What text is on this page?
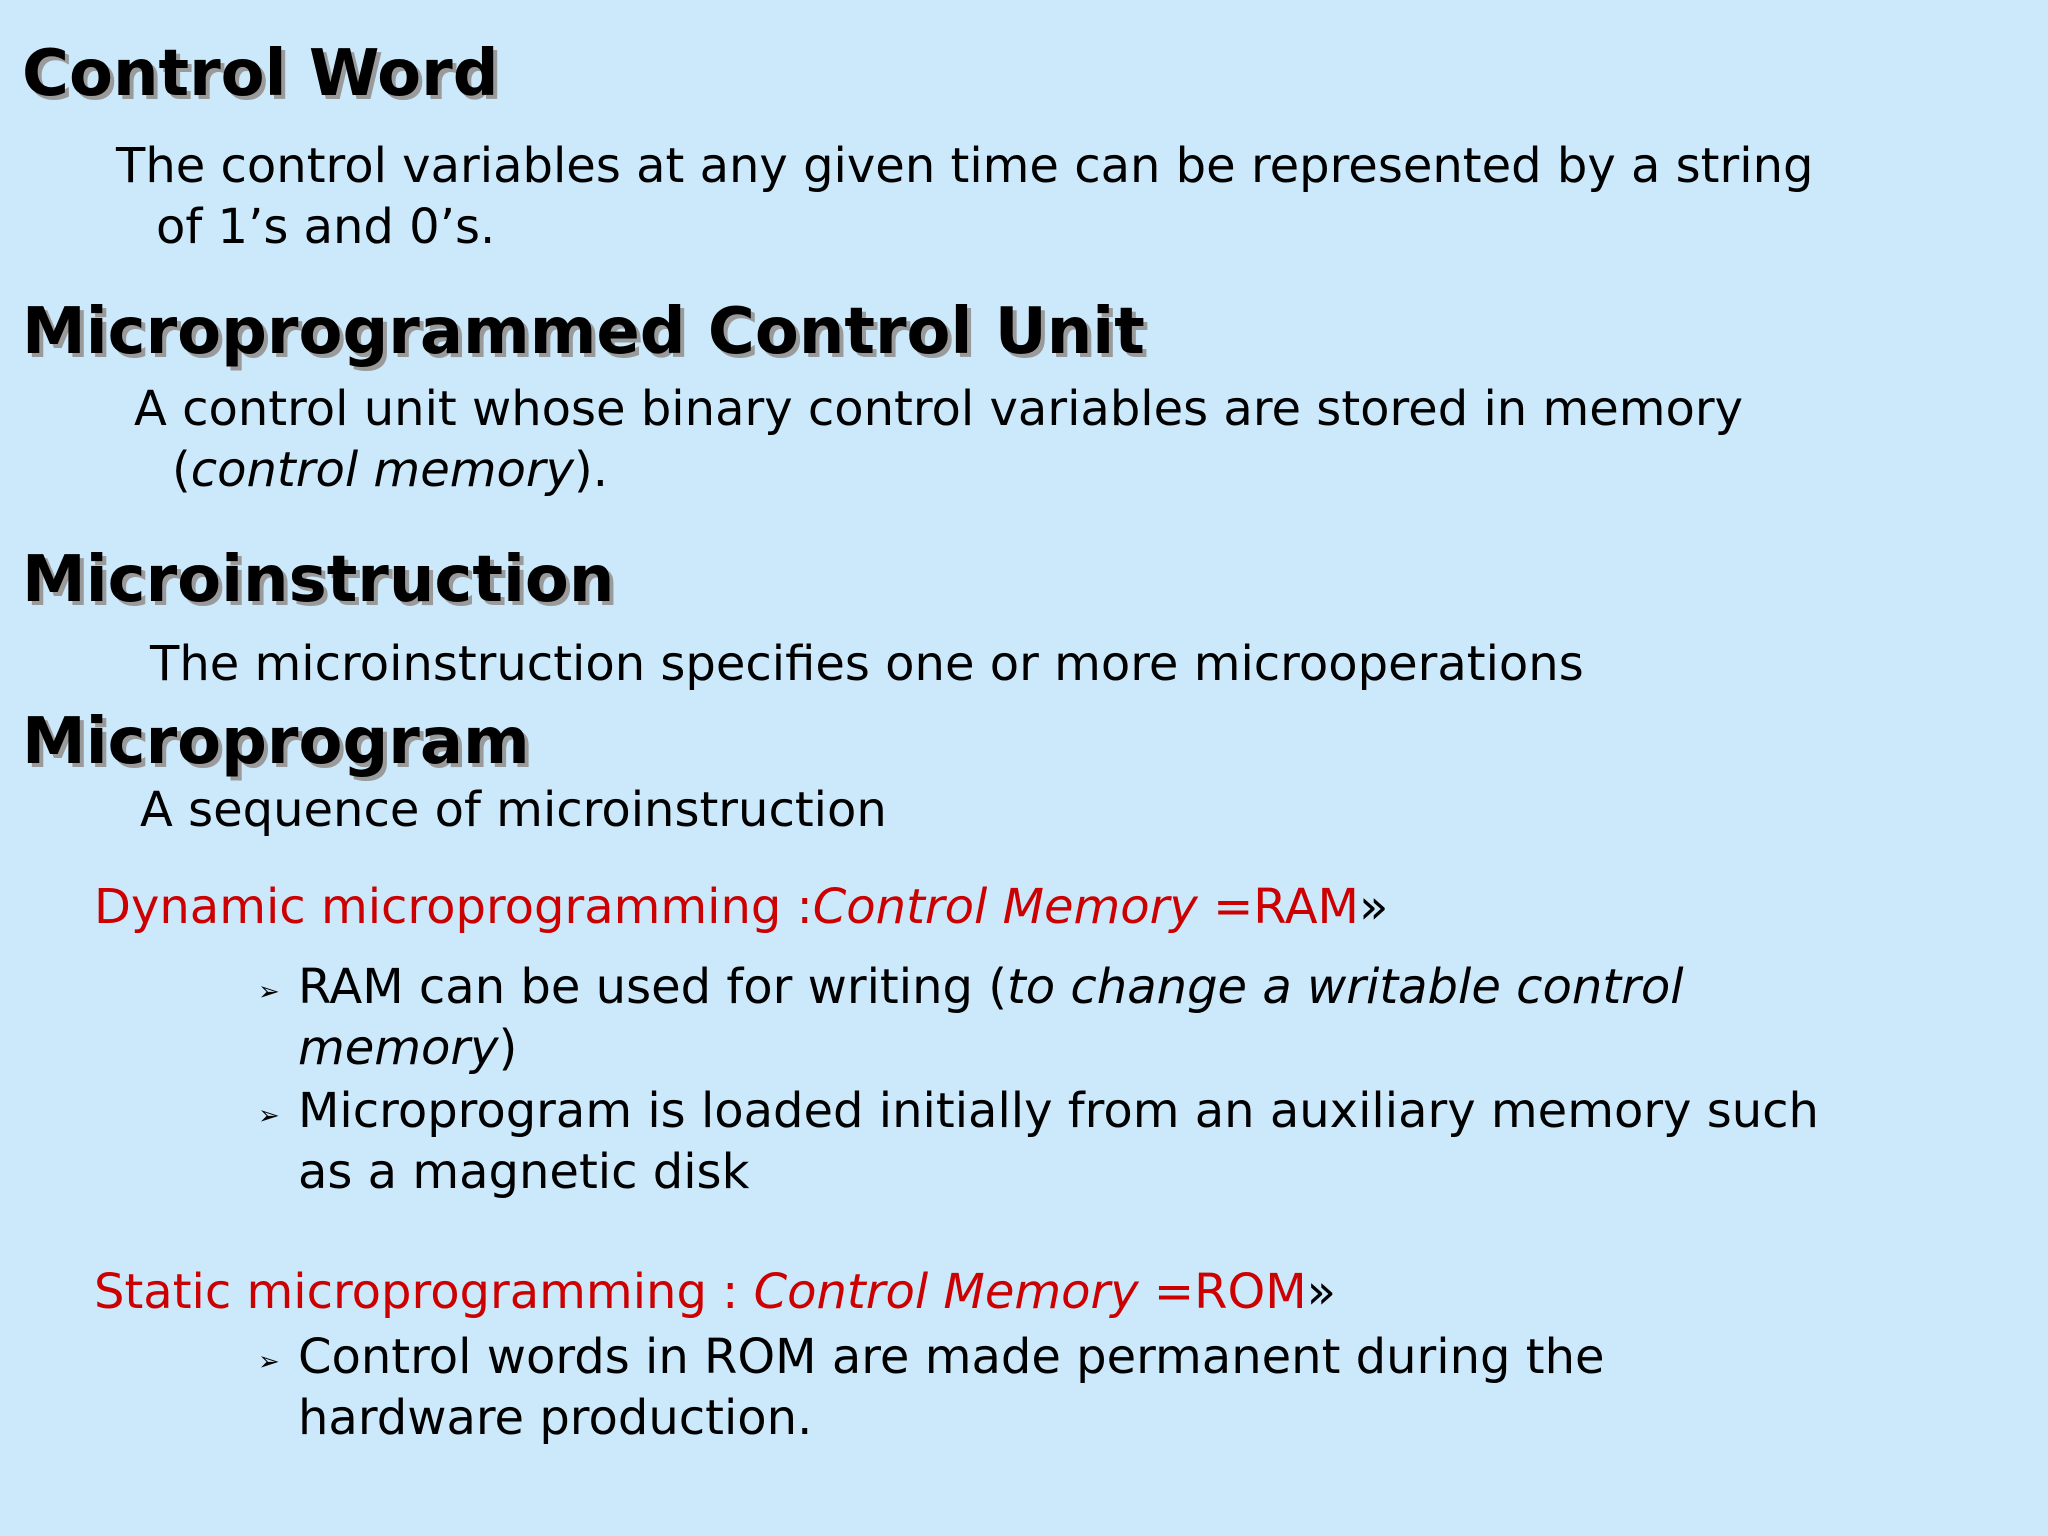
Control Word

The control variables at any given time can be represented by a string

of 1’s and 0’s.

Microprogrammed Control Unit

A control unit whose binary control variables are stored in memory

(control memory).

Microinstruction

The microinstruction specifies one or more microoperations

Microprogram

A sequence of microinstruction

Dynamic microprogramming :Control Memory =RAM»

➢ RAM can be used for writing (to change a writable control

memory)

➢ Microprogram is loaded initially from an auxiliary memory such

as a magnetic disk

Static microprogramming : Control Memory =ROM»

➢ Control words in ROM are made permanent during the

hardware production.
